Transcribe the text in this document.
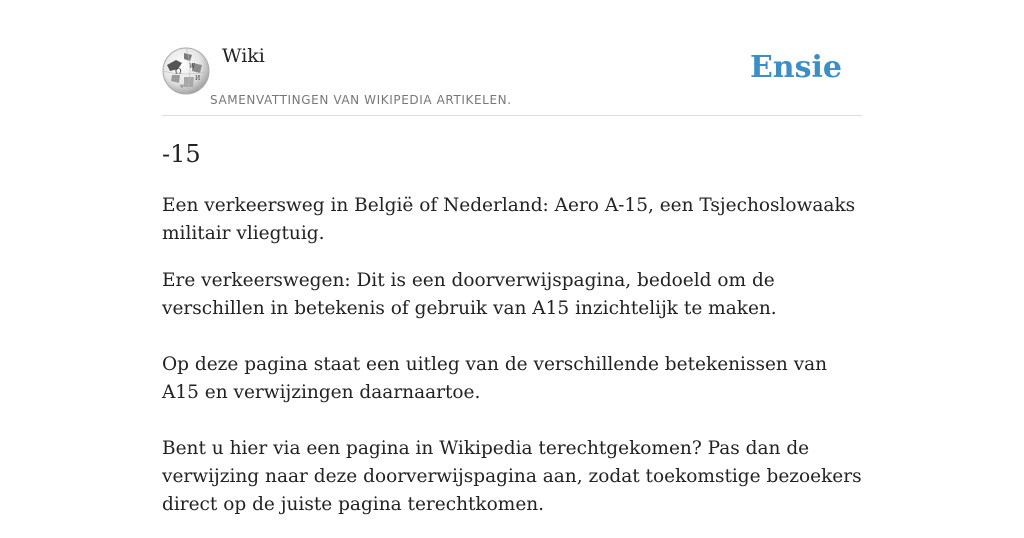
Ω
W
И
ψ
Wiki
SAMENVATTINGEN VAN WIKIPEDIA ARTIKELEN.
Ensie
-15

Een verkeersweg in België of Nederland: Aero A-15, een Tsjechoslowaaks militair vliegtuig.

Ere verkeerswegen: Dit is een doorverwijspagina, bedoeld om de verschillen in betekenis of gebruik van A15 inzichtelijk te maken.

Op deze pagina staat een uitleg van de verschillende betekenissen van A15 en verwijzingen daarnaartoe.

Bent u hier via een pagina in Wikipedia terechtgekomen? Pas dan de verwijzing naar deze doorverwijspagina aan, zodat toekomstige bezoekers direct op de juiste pagina terechtkomen.
